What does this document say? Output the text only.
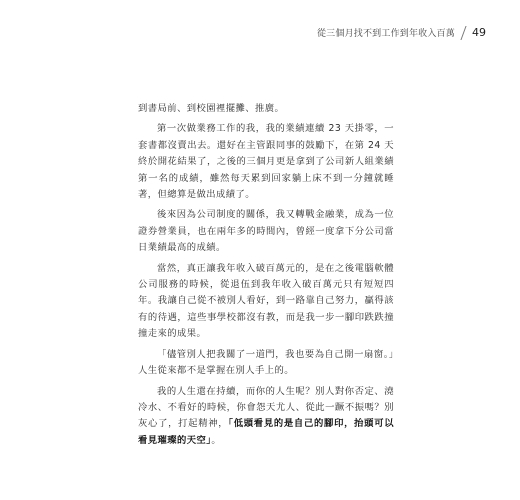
從三個月找不到工作到年收入百萬	49

到書局前、到校園裡擺攤、推廣。

第一次做業務工作的我，我的業績連續 23 天掛零，一套書都沒賣出去。還好在主管跟同事的鼓勵下，在第 24 天終於開花結果了，之後的三個月更是拿到了公司新人組業績第一名的成績，雖然每天累到回家躺上床不到一分鐘就睡著，但總算是做出成績了。

後來因為公司制度的關係，我又轉戰金融業，成為一位證券營業員，也在兩年多的時間內，曾經一度拿下分公司當日業績最高的成績。

當然，真正讓我年收入破百萬元的，是在之後電腦軟體公司服務的時候，從退伍到我年收入破百萬元只有短短四年。我讓自己從不被別人看好，到一路靠自己努力，贏得該有的待遇，這些事學校都沒有教，而是我一步一腳印跌跌撞撞走來的成果。

「儘管別人把我關了一道門，我也要為自己開一扇窗。」人生從來都不是掌握在別人手上的。

我的人生還在持續，而你的人生呢？別人對你否定、澆冷水、不看好的時候，你會怨天尤人、從此一蹶不振嗎？別灰心了，打起精神，「低頭看見的是自己的腳印，抬頭可以看見璀璨的天空」。
